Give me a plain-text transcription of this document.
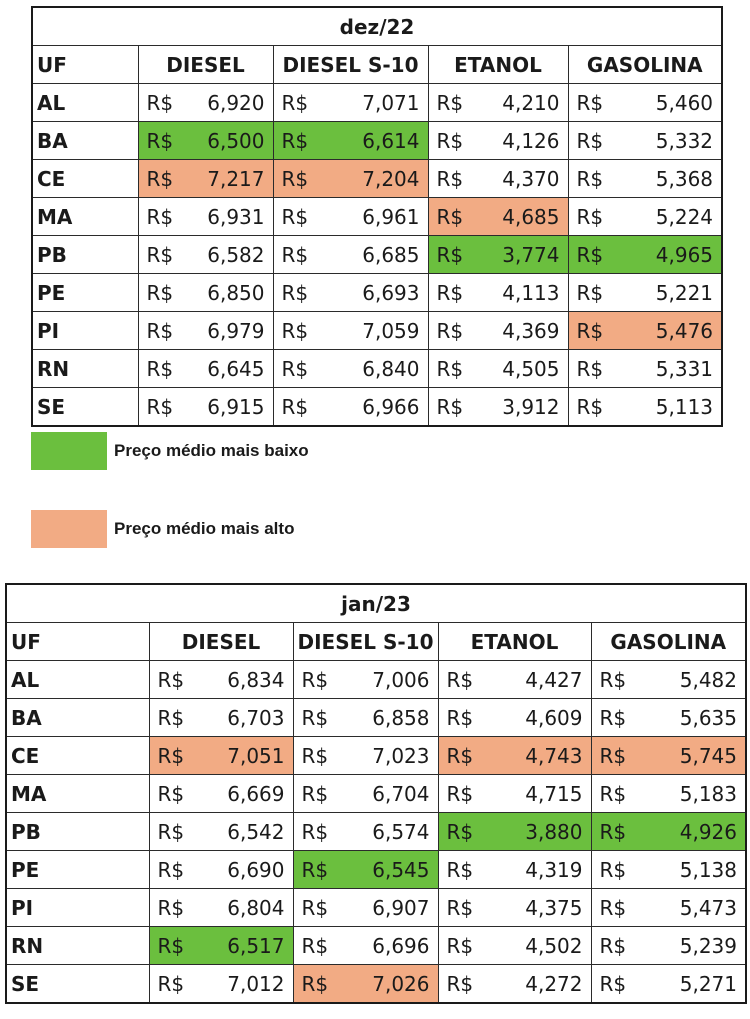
dez/22				
UF	DIESEL	DIESEL S-10	ETANOL	GASOLINA
AL	R$ 6,920	R$ 7,071	R$ 4,210	R$ 5,460

BA	R$ 6,500	R$ 6,614	R$ 4,126	R$ 5,332

CE	R$ 7,217	R$ 7,204	R$ 4,370	R$ 5,368

MA	R$ 6,931	R$ 6,961	R$ 4,685	R$ 5,224

PB	R$ 6,582	R$ 6,685	R$ 3,774	R$ 4,965

PE	R$ 6,850	R$ 6,693	R$ 4,113	R$ 5,221

PI	R$ 6,979	R$ 7,059	R$ 4,369	R$ 5,476

RN	R$ 6,645	R$ 6,840	R$ 4,505	R$ 5,331

SE	R$ 6,915	R$ 6,966	R$ 3,912	R$ 5,113
Preço médio mais baixo
Preço médio mais alto
jan/23				
UF	DIESEL	DIESEL S-10	ETANOL	GASOLINA
AL	R$ 6,834	R$ 7,006	R$ 4,427	R$ 5,482

BA	R$ 6,703	R$ 6,858	R$ 4,609	R$ 5,635

CE	R$ 7,051	R$ 7,023	R$ 4,743	R$ 5,745

MA	R$ 6,669	R$ 6,704	R$ 4,715	R$ 5,183

PB	R$ 6,542	R$ 6,574	R$ 3,880	R$ 4,926

PE	R$ 6,690	R$ 6,545	R$ 4,319	R$ 5,138

PI	R$ 6,804	R$ 6,907	R$ 4,375	R$ 5,473

RN	R$ 6,517	R$ 6,696	R$ 4,502	R$ 5,239

SE	R$ 7,012	R$ 7,026	R$ 4,272	R$ 5,271
